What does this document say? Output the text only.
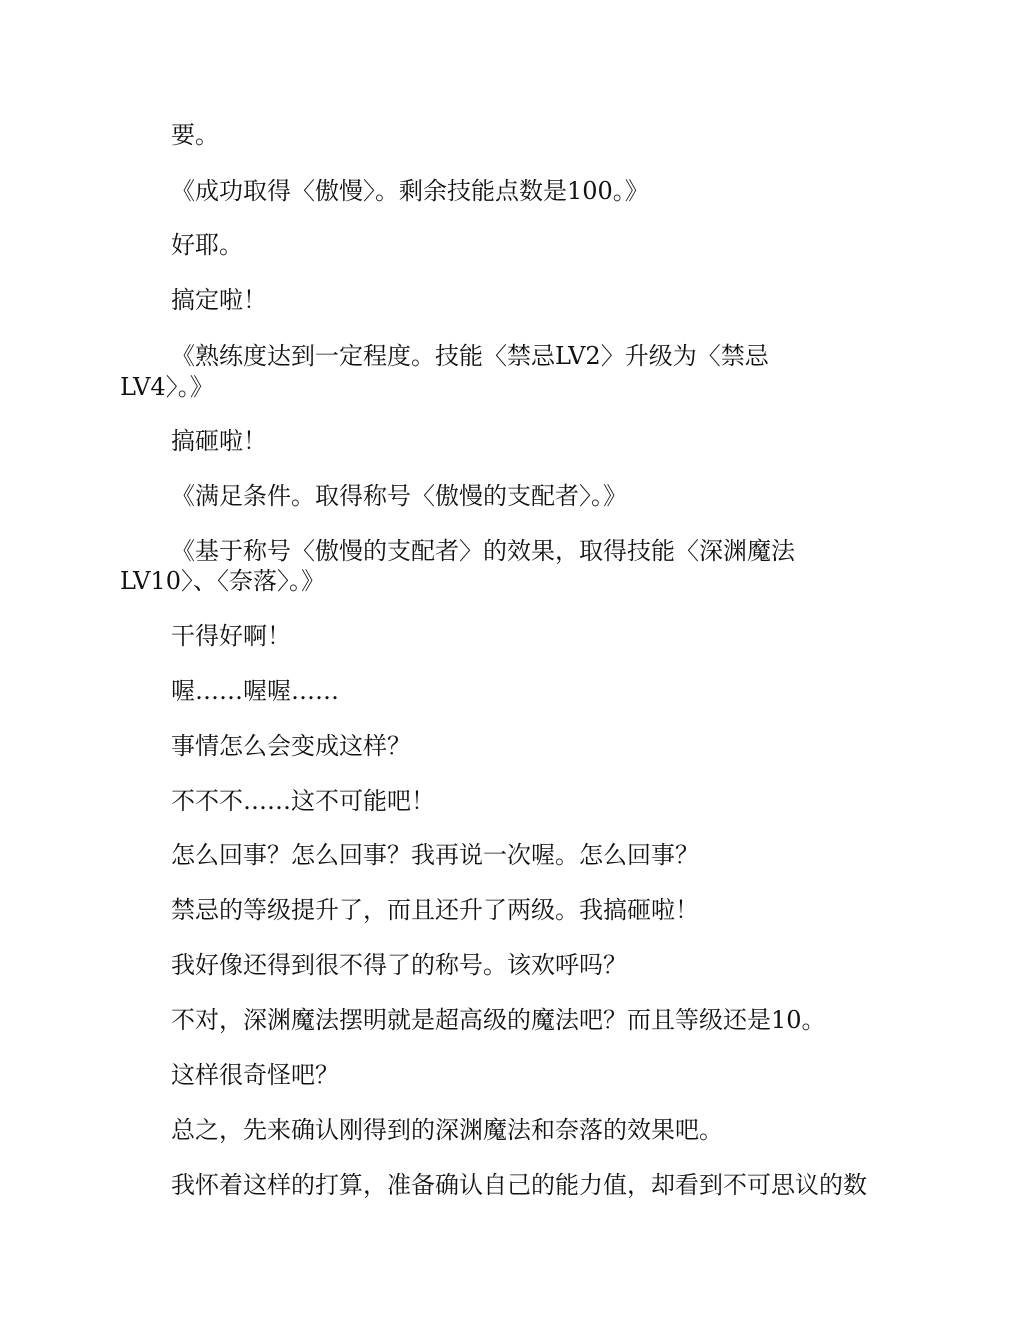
要。
《成功取得〈傲慢〉。剩余技能点数是100。》
好耶。
搞定啦！
《熟练度达到一定程度。技能〈禁忌LV2〉升级为〈禁忌
LV4〉。》
搞砸啦！
《满足条件。取得称号〈傲慢的支配者〉。》
《基于称号〈傲慢的支配者〉的效果，取得技能〈深渊魔法
LV10〉、〈奈落〉。》
干得好啊！
喔……喔喔……
事情怎么会变成这样？
不不不……这不可能吧！
怎么回事？怎么回事？我再说一次喔。怎么回事？
禁忌的等级提升了，而且还升了两级。我搞砸啦！
我好像还得到很不得了的称号。该欢呼吗？
不对，深渊魔法摆明就是超高级的魔法吧？而且等级还是10。
这样很奇怪吧？
总之，先来确认刚得到的深渊魔法和奈落的效果吧。
我怀着这样的打算，准备确认自己的能力值，却看到不可思议的数
